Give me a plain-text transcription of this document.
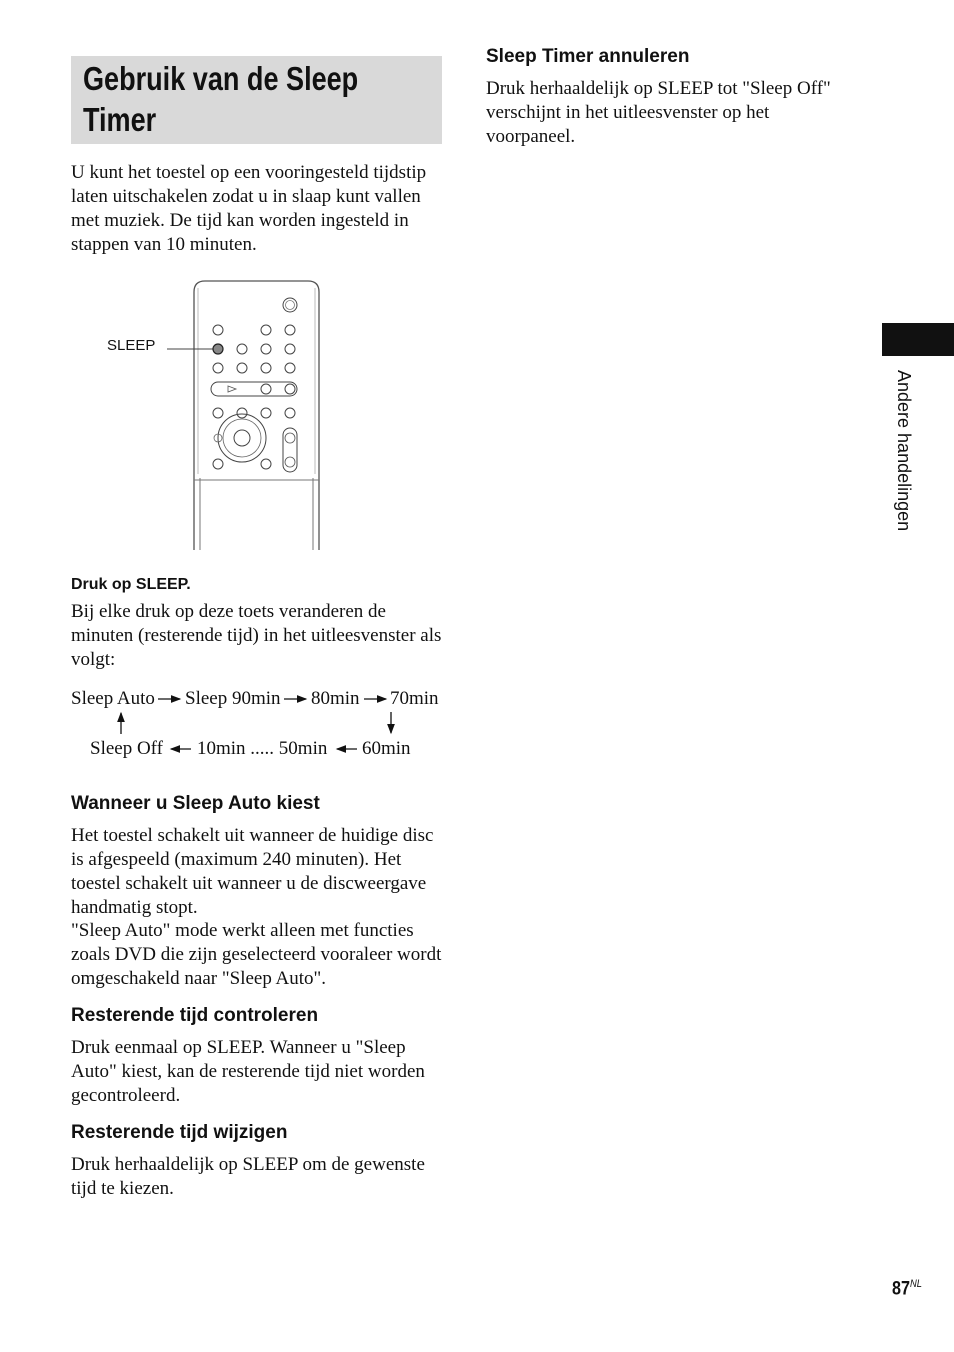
Gebruik van de Sleep Timer
U kunt het toestel op een vooringesteld tijdstip laten uitschakelen zodat u in slaap kunt vallen met muziek. De tijd kan worden ingesteld in stappen van 10 minuten.
SLEEP
Druk op SLEEP.
Bij elke druk op deze toets veranderen de minuten (resterende tijd) in het uitleesvenster als volgt:
Sleep Auto Sleep 90min 80min 70min
Sleep Off 10min ..... 50min 60min
Wanneer u Sleep Auto kiest
Het toestel schakelt uit wanneer de huidige disc is afgespeeld (maximum 240 minuten). Het toestel schakelt uit wanneer u de discweergave handmatig stopt.
"Sleep Auto" mode werkt alleen met functies zoals DVD die zijn geselecteerd vooraleer wordt omgeschakeld naar "Sleep Auto".
Resterende tijd controleren
Druk eenmaal op SLEEP. Wanneer u "Sleep Auto" kiest, kan de resterende tijd niet worden gecontroleerd.
Resterende tijd wijzigen
Druk herhaaldelijk op SLEEP om de gewenste tijd te kiezen.
Sleep Timer annuleren
Druk herhaaldelijk op SLEEP tot "Sleep Off" verschijnt in het uitleesvenster op het voorpaneel.
Andere handelingen
$87^{NL}$
